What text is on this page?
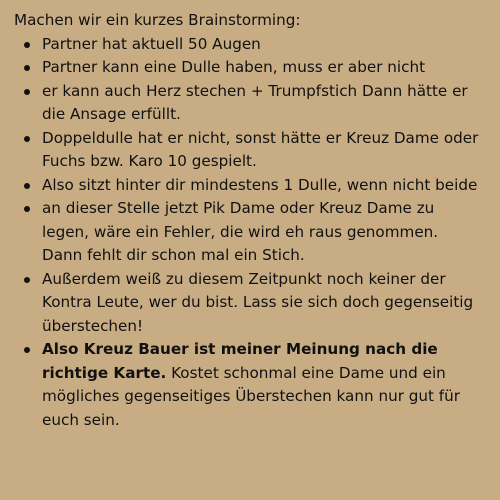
Machen wir ein kurzes Brainstorming:

Partner hat aktuell 50 Augen
Partner kann eine Dulle haben, muss er aber nicht
er kann auch Herz stechen + Trumpfstich Dann hätte er die Ansage erfüllt.
Doppeldulle hat er nicht, sonst hätte er Kreuz Dame oder Fuchs bzw. Karo 10 gespielt.
Also sitzt hinter dir mindestens 1 Dulle, wenn nicht beide
an dieser Stelle jetzt Pik Dame oder Kreuz Dame zu legen, wäre ein Fehler, die wird eh raus genommen. Dann fehlt dir schon mal ein Stich.
Außerdem weiß zu diesem Zeitpunkt noch keiner der Kontra Leute, wer du bist. Lass sie sich doch gegenseitig überstechen!
Also Kreuz Bauer ist meiner Meinung nach die richtige Karte. Kostet schonmal eine Dame und ein mögliches gegenseitiges Überstechen kann nur gut für euch sein.
